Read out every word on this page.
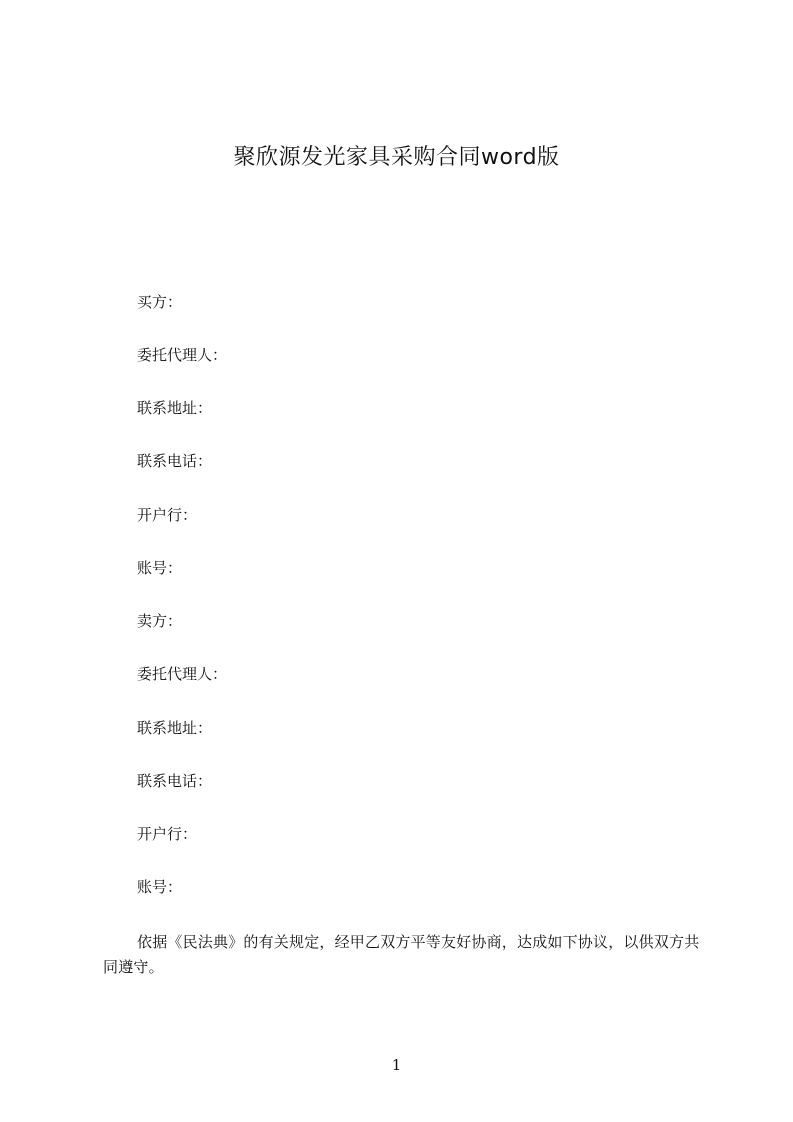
聚欣源发光家具采购合同word版

买方：

委托代理人：

联系地址：

联系电话：

开户行：

账号：

卖方：

委托代理人：

联系地址：

联系电话：

开户行：

账号：

依据《民法典》的有关规定，经甲乙双方平等友好协商，达成如下协议，以供双方共同遵守。

1
